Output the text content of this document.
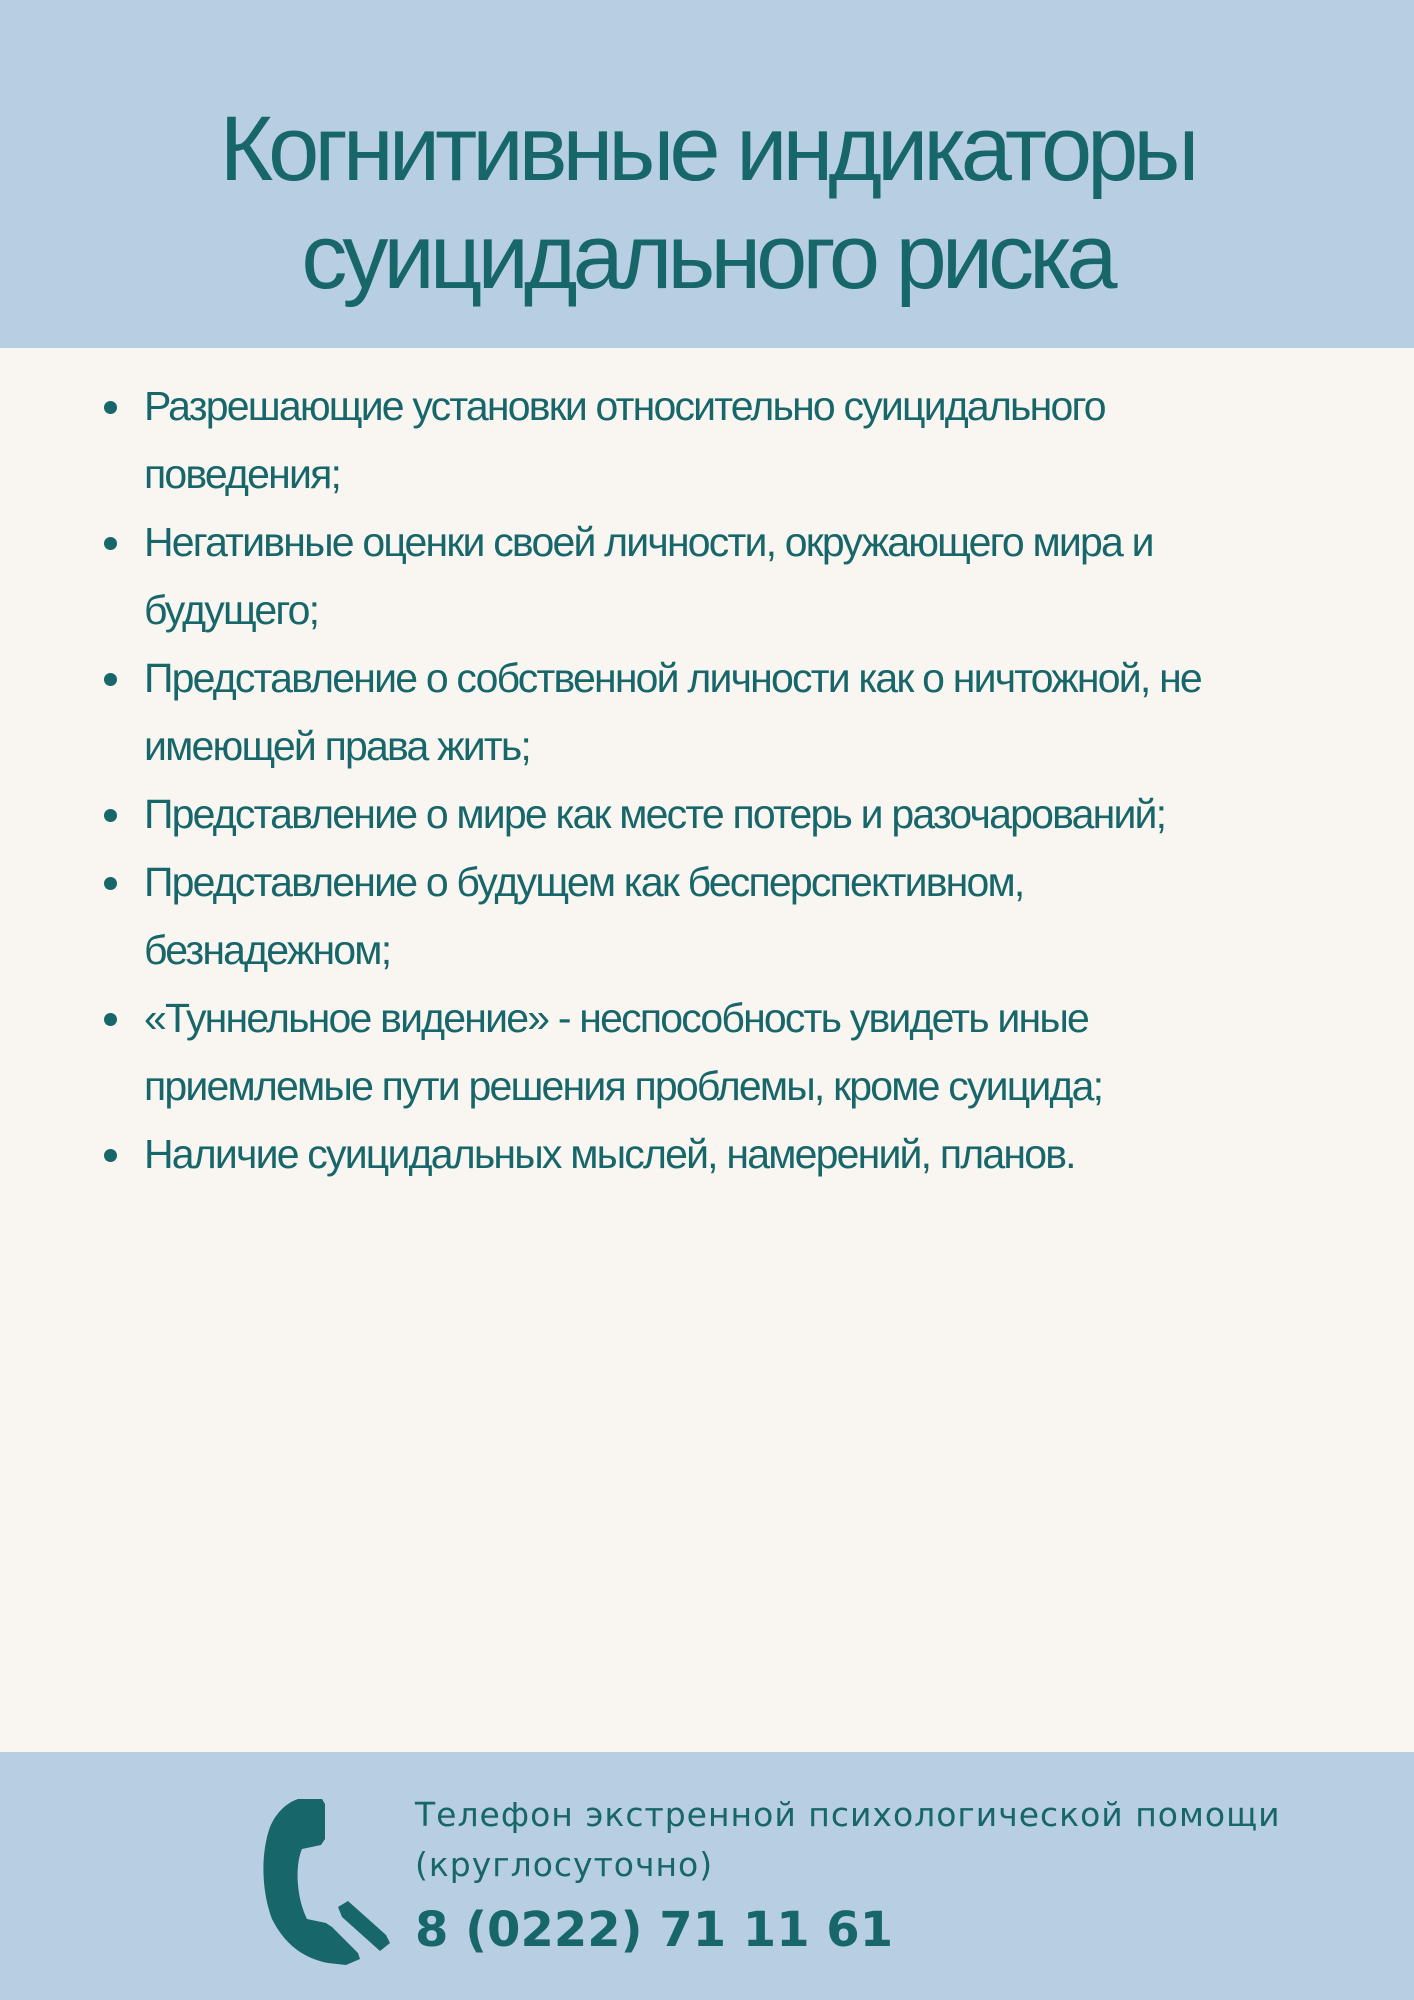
Когнитивные индикаторы
суицидального риска
Разрешающие установки относительно суицидального
поведения;
Негативные оценки своей личности, окружающего мира и
будущего;
Представление о собственной личности как о ничтожной, не
имеющей права жить;
Представление о мире как месте потерь и разочарований;
Представление о будущем как бесперспективном,
безнадежном;
«Туннельное видение» - неспособность увидеть иные
приемлемые пути решения проблемы, кроме суицида;
Наличие суицидальных мыслей, намерений, планов.
Телефон экстренной психологической помощи
(круглосуточно)
8 (0222) 71 11 61
